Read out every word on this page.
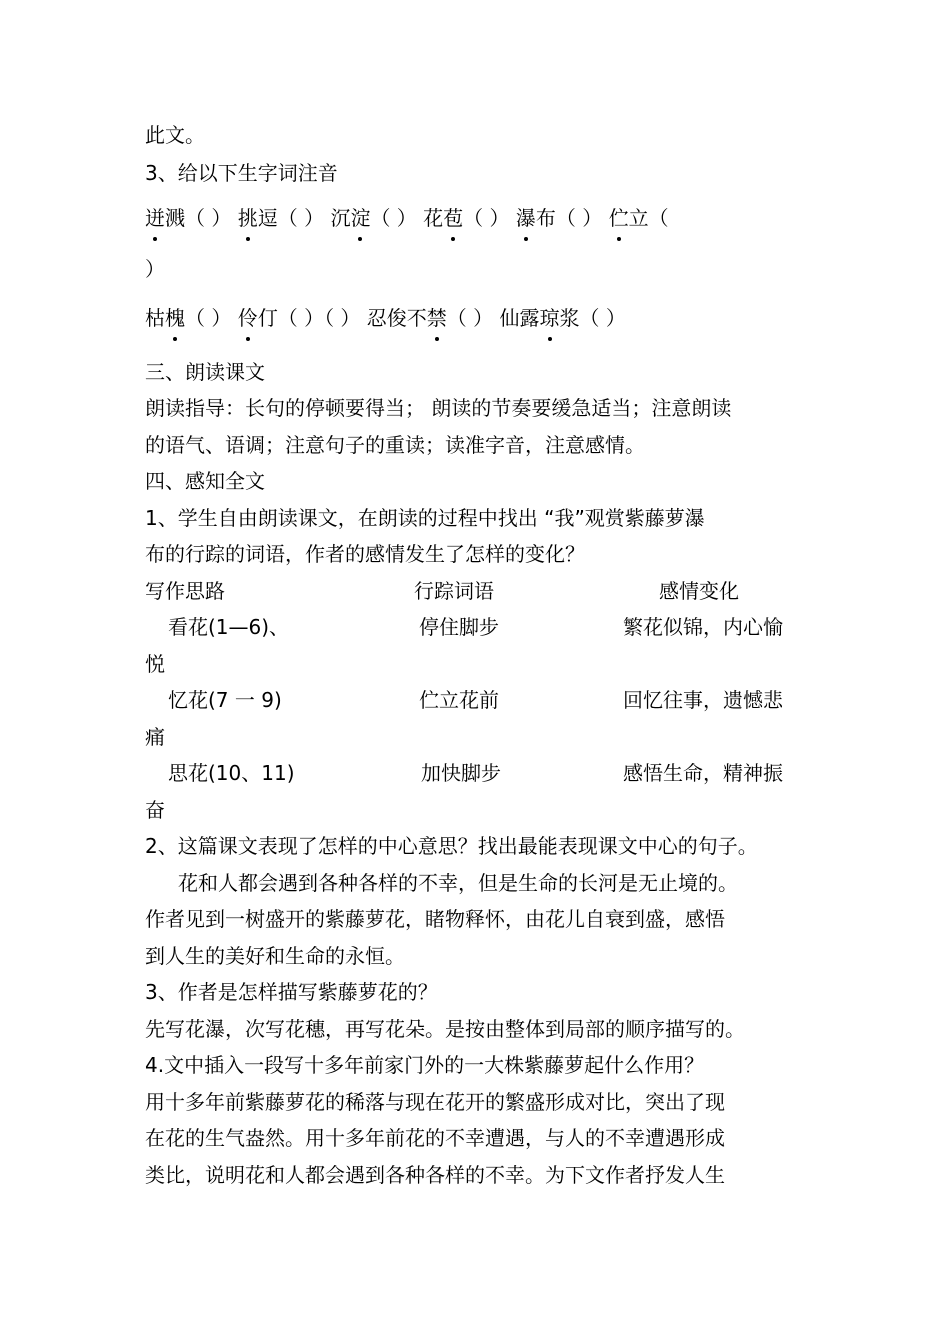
此文。
3、给以下生字词注音
迸溅（ ） 挑逗（ ） 沉淀（ ） 花苞（ ） 瀑布（ ） 伫立（
）
枯槐（ ） 伶仃（ ）（ ） 忍俊不禁（ ） 仙露琼浆（ ）
三、朗读课文
朗读指导：长句的停顿要得当； 朗读的节奏要缓急适当；注意朗读
的语气、语调；注意句子的重读；读准字音，注意感情。
四、感知全文
1、学生自由朗读课文，在朗读的过程中找出 “我”观赏紫藤萝瀑
布的行踪的词语，作者的感情发生了怎样的变化？
写作思路	行踪词语	感情变化
看花(1—6)、	停住脚步	繁花似锦，内心愉
悦
忆花(7 一 9)	伫立花前	回忆往事，遗憾悲
痛
思花(10、11)	加快脚步	感悟生命，精神振
奋
2、这篇课文表现了怎样的中心意思？找出最能表现课文中心的句子。
花和人都会遇到各种各样的不幸，但是生命的长河是无止境的。
作者见到一树盛开的紫藤萝花，睹物释怀，由花儿自衰到盛，感悟
到人生的美好和生命的永恒。
3、作者是怎样描写紫藤萝花的？
先写花瀑，次写花穗，再写花朵。是按由整体到局部的顺序描写的。
4.文中插入一段写十多年前家门外的一大株紫藤萝起什么作用？
用十多年前紫藤萝花的稀落与现在花开的繁盛形成对比，突出了现
在花的生气盎然。用十多年前花的不幸遭遇，与人的不幸遭遇形成
类比，说明花和人都会遇到各种各样的不幸。为下文作者抒发人生
